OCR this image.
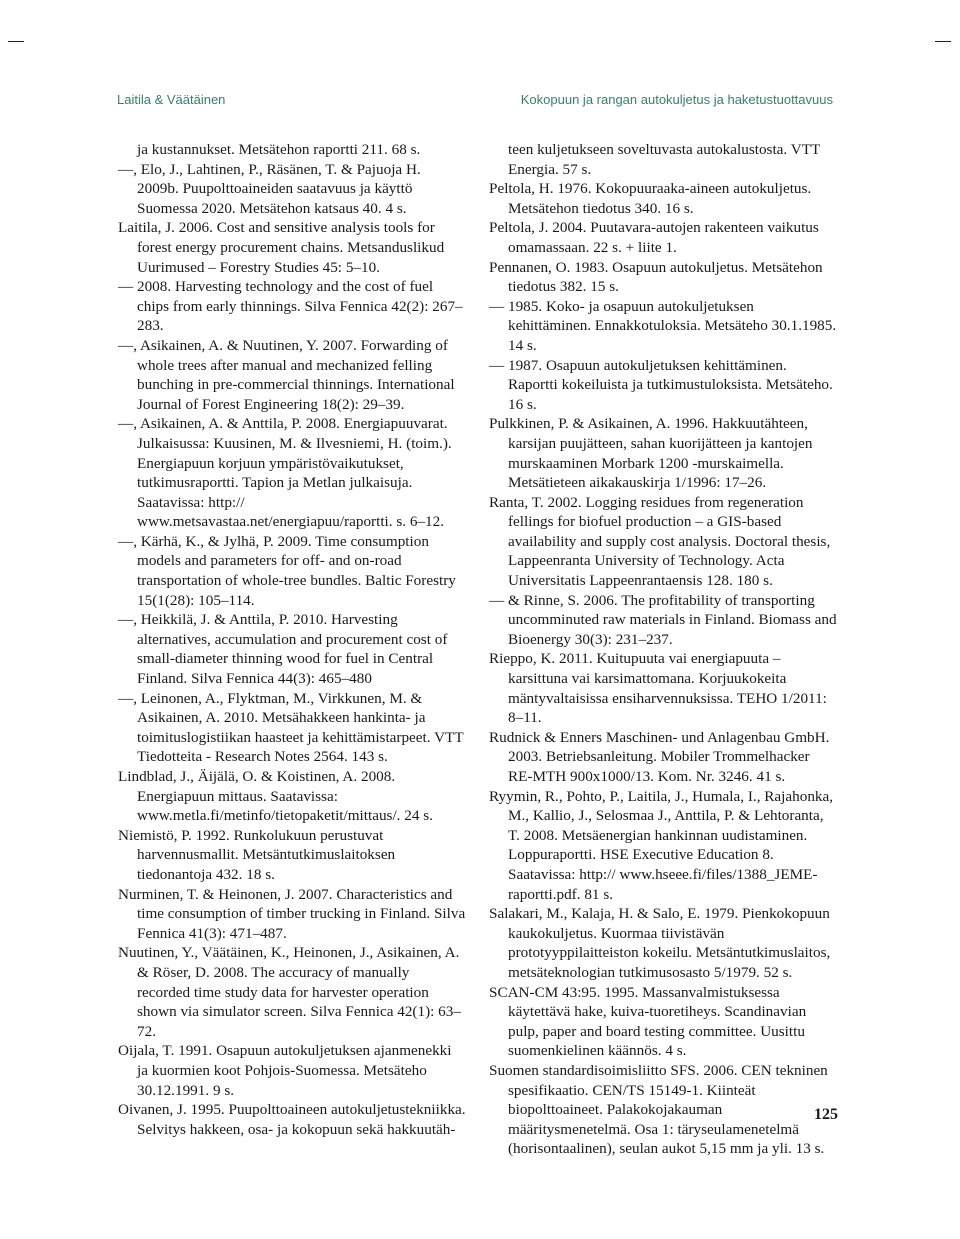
Laitila & Väätäinen	Kokopuun ja rangan autokuljetus ja haketustuottavuus

ja kustannukset. Metsätehon raportti 211. 68 s.

—, Elo, J., Lahtinen, P., Räsänen, T. & Pajuoja H. 2009b. Puupolttoaineiden saatavuus ja käyttö Suomessa 2020. Metsätehon katsaus 40. 4 s.

Laitila, J. 2006. Cost and sensitive analysis tools for forest energy procurement chains. Metsanduslikud Uurimused – Forestry Studies 45: 5–10.

— 2008. Harvesting technology and the cost of fuel chips from early thinnings. Silva Fennica 42(2): 267–283.

—, Asikainen, A. & Nuutinen, Y. 2007. Forwarding of whole trees after manual and mechanized felling bunching in pre-commercial thinnings. International Journal of Forest Engineering 18(2): 29–39.

—, Asikainen, A. & Anttila, P. 2008. Energiapuuvarat. Julkaisussa: Kuusinen, M. & Ilvesniemi, H. (toim.). Energiapuun korjuun ympäristövaikutukset, tutkimusraportti. Tapion ja Metlan julkaisuja. Saatavissa: http:// www.metsavastaa.net/energiapuu/raportti. s. 6–12.

—, Kärhä, K., & Jylhä, P. 2009. Time consumption models and parameters for off- and on-road transportation of whole-tree bundles. Baltic Forestry 15(1(28): 105–114.

—, Heikkilä, J. & Anttila, P. 2010. Harvesting alternatives, accumulation and procurement cost of small-diameter thinning wood for fuel in Central Finland. Silva Fennica 44(3): 465–480

—, Leinonen, A., Flyktman, M., Virkkunen, M. & Asikainen, A. 2010. Metsähakkeen hankinta- ja toimituslogistiikan haasteet ja kehittämistarpeet. VTT Tiedotteita - Research Notes 2564. 143 s.

Lindblad, J., Äijälä, O. & Koistinen, A. 2008. Energiapuun mittaus. Saatavissa: www.metla.fi/metinfo/tietopaketit/mittaus/. 24 s.

Niemistö, P. 1992. Runkolukuun perustuvat harvennusmallit. Metsäntutkimuslaitoksen tiedonantoja 432. 18 s.

Nurminen, T. & Heinonen, J. 2007. Characteristics and time consumption of timber trucking in Finland. Silva Fennica 41(3): 471–487.

Nuutinen, Y., Väätäinen, K., Heinonen, J., Asikainen, A. & Röser, D. 2008. The accuracy of manually recorded time study data for harvester operation shown via simulator screen. Silva Fennica 42(1): 63–72.

Oijala, T. 1991. Osapuun autokuljetuksen ajanmenekki ja kuormien koot Pohjois-Suomessa. Metsäteho 30.12.1991. 9 s.

Oivanen, J. 1995. Puupolttoaineen autokuljetustekniikka. Selvitys hakkeen, osa- ja kokopuun sekä hakkuutäh-

teen kuljetukseen soveltuvasta autokalustosta. VTT Energia. 57 s.

Peltola, H. 1976. Kokopuuraaka-aineen autokuljetus. Metsätehon tiedotus 340. 16 s.

Peltola, J. 2004. Puutavara-autojen rakenteen vaikutus omamassaan. 22 s. + liite 1.

Pennanen, O. 1983. Osapuun autokuljetus. Metsätehon tiedotus 382. 15 s.

— 1985. Koko- ja osapuun autokuljetuksen kehittäminen. Ennakkotuloksia. Metsäteho 30.1.1985. 14 s.

— 1987. Osapuun autokuljetuksen kehittäminen. Raportti kokeiluista ja tutkimustuloksista. Metsäteho. 16 s.

Pulkkinen, P. & Asikainen, A. 1996. Hakkuutähteen, karsijan puujätteen, sahan kuorijätteen ja kantojen murskaaminen Morbark 1200 -murskaimella. Metsätieteen aikakauskirja 1/1996: 17–26.

Ranta, T. 2002. Logging residues from regeneration fellings for biofuel production – a GIS-based availability and supply cost analysis. Doctoral thesis, Lappeenranta University of Technology. Acta Universitatis Lappeenrantaensis 128. 180 s.

— & Rinne, S. 2006. The profitability of transporting uncomminuted raw materials in Finland. Biomass and Bioenergy 30(3): 231–237.

Rieppo, K. 2011. Kuitupuuta vai energiapuuta – karsittuna vai karsimattomana. Korjuukokeita mäntyvaltaisissa ensiharvennuksissa. TEHO 1/2011: 8–11.

Rudnick & Enners Maschinen- und Anlagenbau GmbH. 2003. Betriebsanleitung. Mobiler Trommelhacker RE-MTH 900x1000/13. Kom. Nr. 3246. 41 s.

Ryymin, R., Pohto, P., Laitila, J., Humala, I., Rajahonka, M., Kallio, J., Selosmaa J., Anttila, P. & Lehtoranta, T. 2008. Metsäenergian hankinnan uudistaminen. Loppuraportti. HSE Executive Education 8. Saatavissa: http:// www.hseee.fi/files/1388_JEME-raportti.pdf. 81 s.

Salakari, M., Kalaja, H. & Salo, E. 1979. Pienkokopuun kaukokuljetus. Kuormaa tiivistävän prototyyppilaitteiston kokeilu. Metsäntutkimuslaitos, metsäteknologian tutkimusosasto 5/1979. 52 s.

SCAN-CM 43:95. 1995. Massanvalmistuksessa käytettävä hake, kuiva-tuoretiheys. Scandinavian pulp, paper and board testing committee. Uusittu suomenkielinen käännös. 4 s.

Suomen standardisoimisliitto SFS. 2006. CEN tekninen spesifikaatio. CEN/TS 15149-1. Kiinteät biopolttoaineet. Palakokojakauman määritysmenetelmä. Osa 1: täryseulamenetelmä (horisontaalinen), seulan aukot 5,15 mm ja yli. 13 s.

125
